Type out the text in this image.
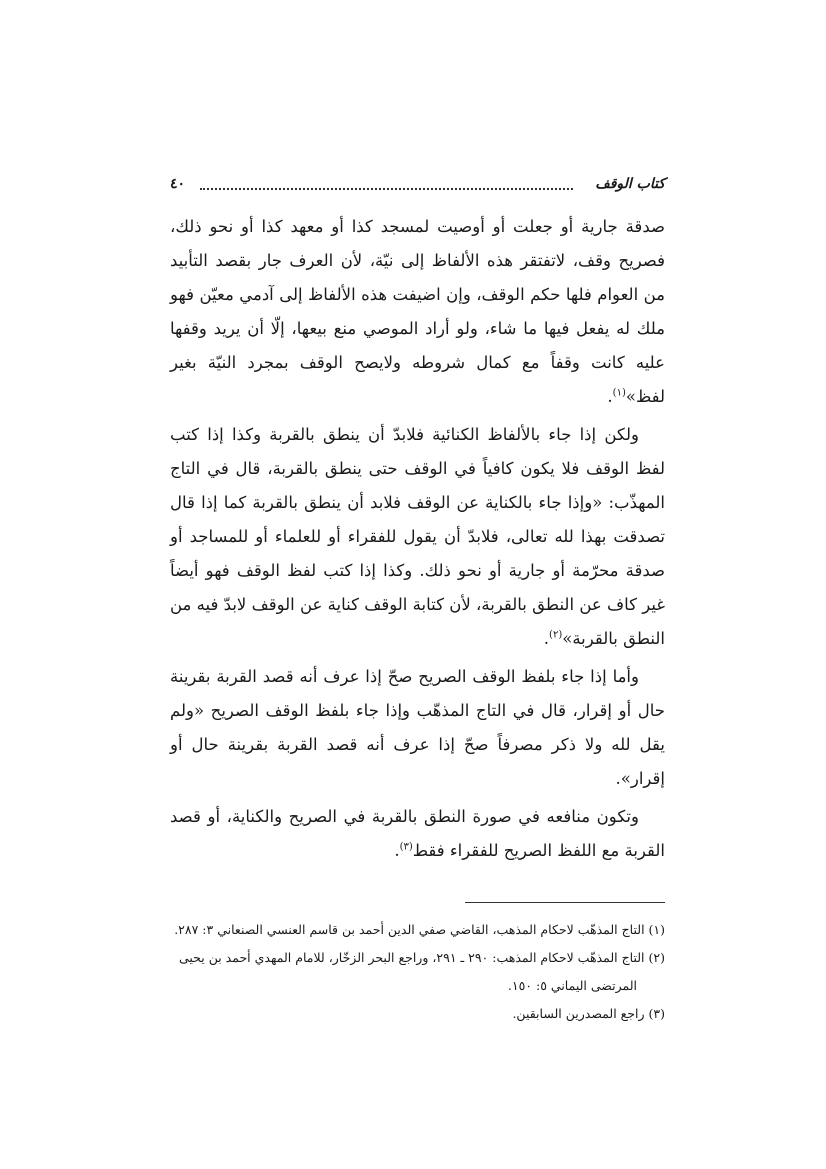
كتاب الوقف
٤٠

صدقة جارية أو جعلت أو أوصيت لمسجد كذا أو معهد كذا أو نحو ذلك، فصريح وقف، لاتفتقر هذه الألفاظ إلى نيّة، لأن العرف جار بقصد التأبيد من العوام فلها حكم الوقف، وإن اضيفت هذه الألفاظ إلى آدمي معيّن فهو ملك له يفعل فيها ما شاء، ولو أراد الموصي منع بيعها، إلّا أن يريد وقفها عليه كانت وقفاً مع كمال شروطه ولايصح الوقف بمجرد النيّة بغير لفظ»$^{(١)}$.

ولكن إذا جاء بالألفاظ الكنائية فلابدّ أن ينطق بالقربة وكذا إذا كتب لفظ الوقف فلا يكون كافياً في الوقف حتى ينطق بالقربة، قال في التاج المهذّب: «وإذا جاء بالكناية عن الوقف فلابد أن ينطق بالقربة كما إذا قال تصدقت بهذا لله تعالى، فلابدّ أن يقول للفقراء أو للعلماء أو للمساجد أو صدقة محرّمة أو جارية أو نحو ذلك. وكذا إذا كتب لفظ الوقف فهو أيضاً غير كاف عن النطق بالقربة، لأن كتابة الوقف كناية عن الوقف لابدّ فيه من النطق بالقربة»$^{(٢)}$.

وأما إذا جاء بلفظ الوقف الصريح صحّ إذا عرف أنه قصد القربة بقرينة حال أو إقرار، قال في التاج المذهّب وإذا جاء بلفظ الوقف الصريح «ولم يقل لله ولا ذكر مصرفاً صحّ إذا عرف أنه قصد القربة بقرينة حال أو إقرار».

وتكون منافعه في صورة النطق بالقربة في الصريح والكناية، أو قصد القربة مع اللفظ الصريح للفقراء فقط$^{(٣)}$.

(١) التاج المذهّب لاحكام المذهب، القاضي صفي الدين أحمد بن قاسم العنسي الصنعاني ٣: ٢٨٧.

(٢) التاج المذهّب لاحكام المذهب: ٢٩٠ ـ ٢٩١، وراجع البحر الزخّار، للامام المهدي أحمد بن يحيى

المرتضى اليماني ٥: ١٥٠.

(٣) راجع المصدرين السابقين.
